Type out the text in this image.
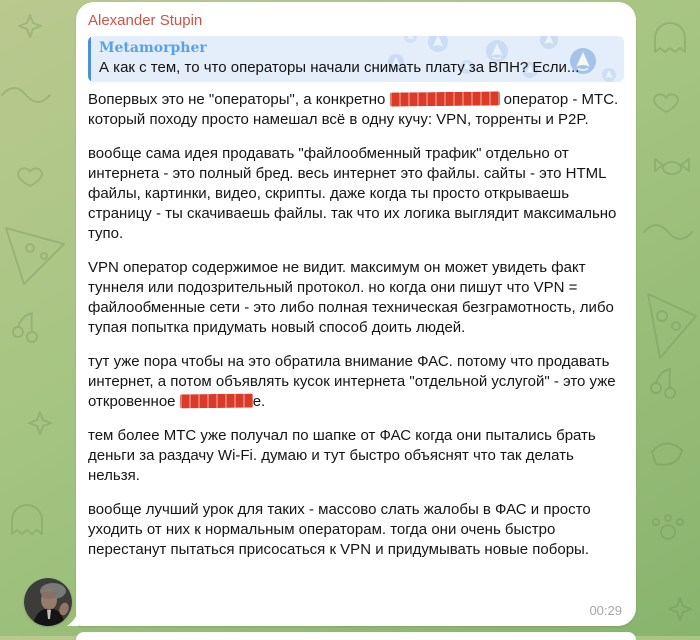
Alexander Stupin
Metamorpher
А как с тем, то что операторы начали снимать плату за ВПН? Если...

Вопервых это не "операторы", а конкретно	оператор - МТС. который походу просто намешал всё в одну кучу: VPN, торренты и P2P.

вообще сама идея продавать "файлообменный трафик" отдельно от интернета - это полный бред. весь интернет это файлы. сайты - это HTML файлы, картинки, видео, скрипты. даже когда ты просто открываешь страницу - ты скачиваешь файлы. так что их логика выглядит максимально тупо.

VPN оператор содержимое не видит. максимум он может увидеть факт туннеля или подозрительный протокол. но когда они пишут что VPN = файлообменные сети - это либо полная техническая безграмотность, либо тупая попытка придумать новый способ доить людей.

тут уже пора чтобы на это обратила внимание ФАС. потому что продавать интернет, а потом объявлять кусок интернета "отдельной услугой" - это уже откровенное	е.

тем более МТС уже получал по шапке от ФАС когда они пытались брать деньги за раздачу Wi-Fi. думаю и тут быстро объяснят что так делать нельзя.

вообще лучший урок для таких - массово слать жалобы в ФАС и просто уходить от них к нормальным операторам. тогда они очень быстро перестанут пытаться присосаться к VPN и придумывать новые поборы.

00:29
